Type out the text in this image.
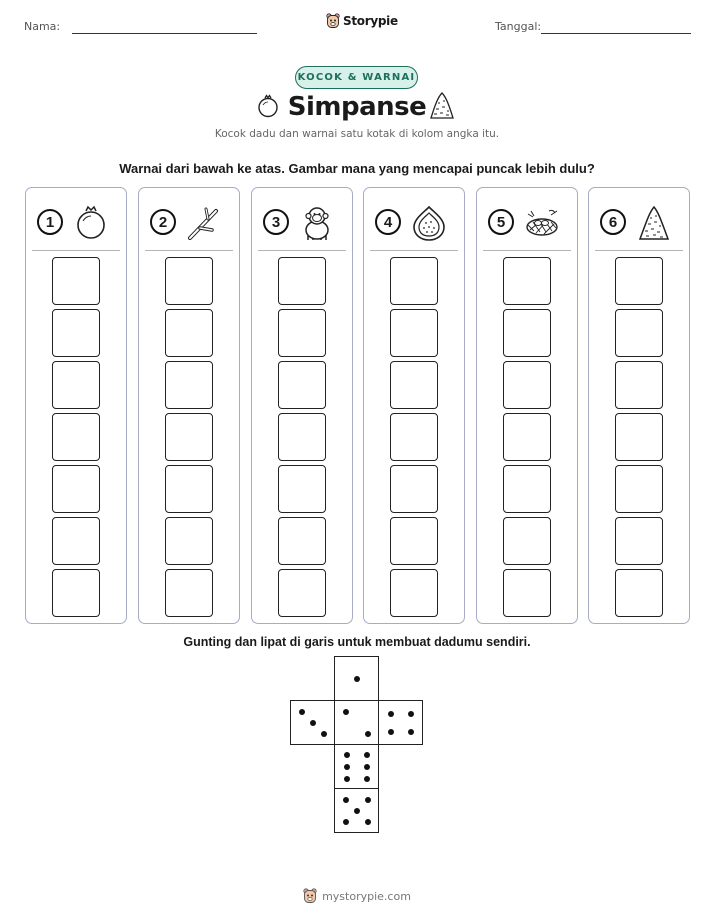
Nama:	Storypie	Tanggal:
KOCOK & WARNAI
Simpanse
Kocok dadu dan warnai satu kotak di kolom angka itu.
Warnai dari bawah ke atas. Gambar mana yang mencapai puncak lebih dulu?
1	2	3	4	5	6
Gunting dan lipat di garis untuk membuat dadumu sendiri.
mystorypie.com
